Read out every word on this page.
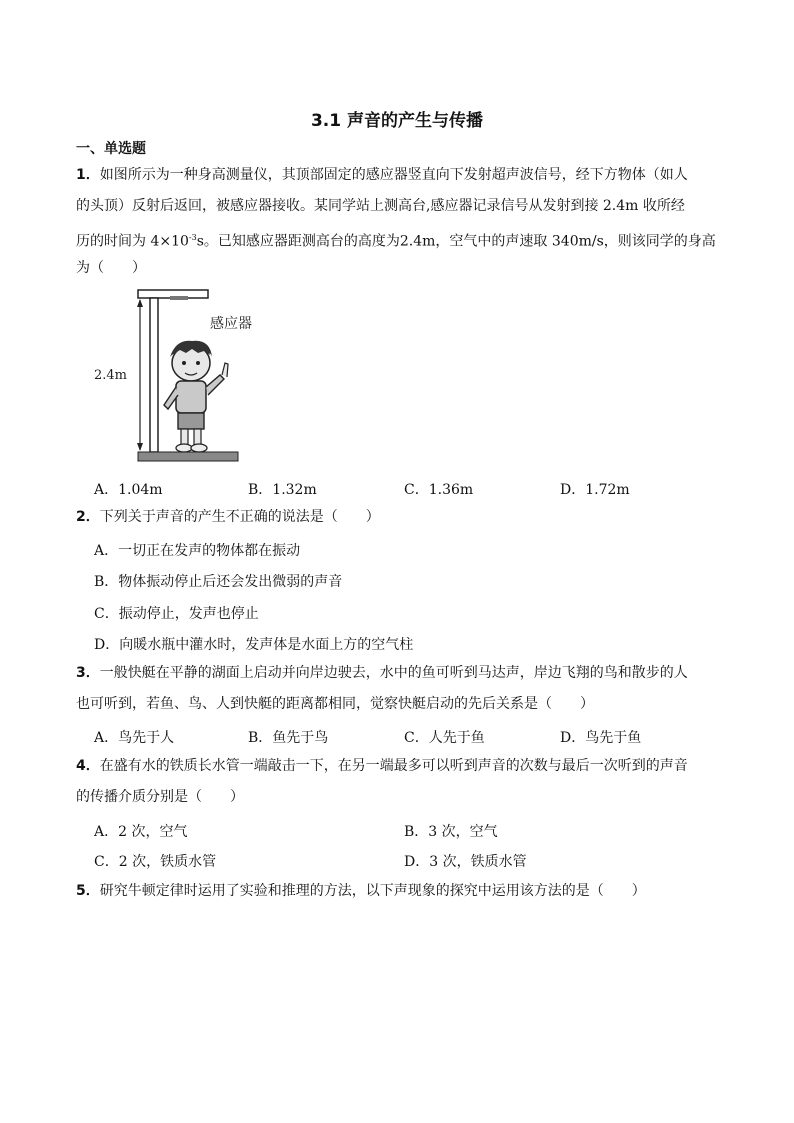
3.1 声音的产生与传播
一、单选题
1．如图所示为一种身高测量仪，其顶部固定的感应器竖直向下发射超声波信号，经下方物体（如人
的头顶）反射后返回，被感应器接收。某同学站上测高台,感应器记录信号从发射到接 2.4m 收所经
历的时间为 $4\times 10^{-3}s$。已知感应器距测高台的高度为2.4m，空气中的声速取 340m/s，则该同学的身高
为（　　）
感应器
2.4m
A．1.04m	B．1.32m	C．1.36m	D．1.72m
2．下列关于声音的产生不正确的说法是（　　）
A．一切正在发声的物体都在振动
B．物体振动停止后还会发出微弱的声音
C．振动停止，发声也停止
D．向暖水瓶中灌水时，发声体是水面上方的空气柱
3．一般快艇在平静的湖面上启动并向岸边驶去，水中的鱼可听到马达声，岸边飞翔的鸟和散步的人
也可听到，若鱼、鸟、人到快艇的距离都相同，觉察快艇启动的先后关系是（　　）
A．鸟先于人	B．鱼先于鸟	C．人先于鱼	D．鸟先于鱼
4．在盛有水的铁质长水管一端敲击一下，在另一端最多可以听到声音的次数与最后一次听到的声音
的传播介质分别是（　　）
A．2 次，空气	B．3 次，空气
C．2 次，铁质水管	D．3 次，铁质水管
5．研究牛顿定律时运用了实验和推理的方法，以下声现象的探究中运用该方法的是（　　）
